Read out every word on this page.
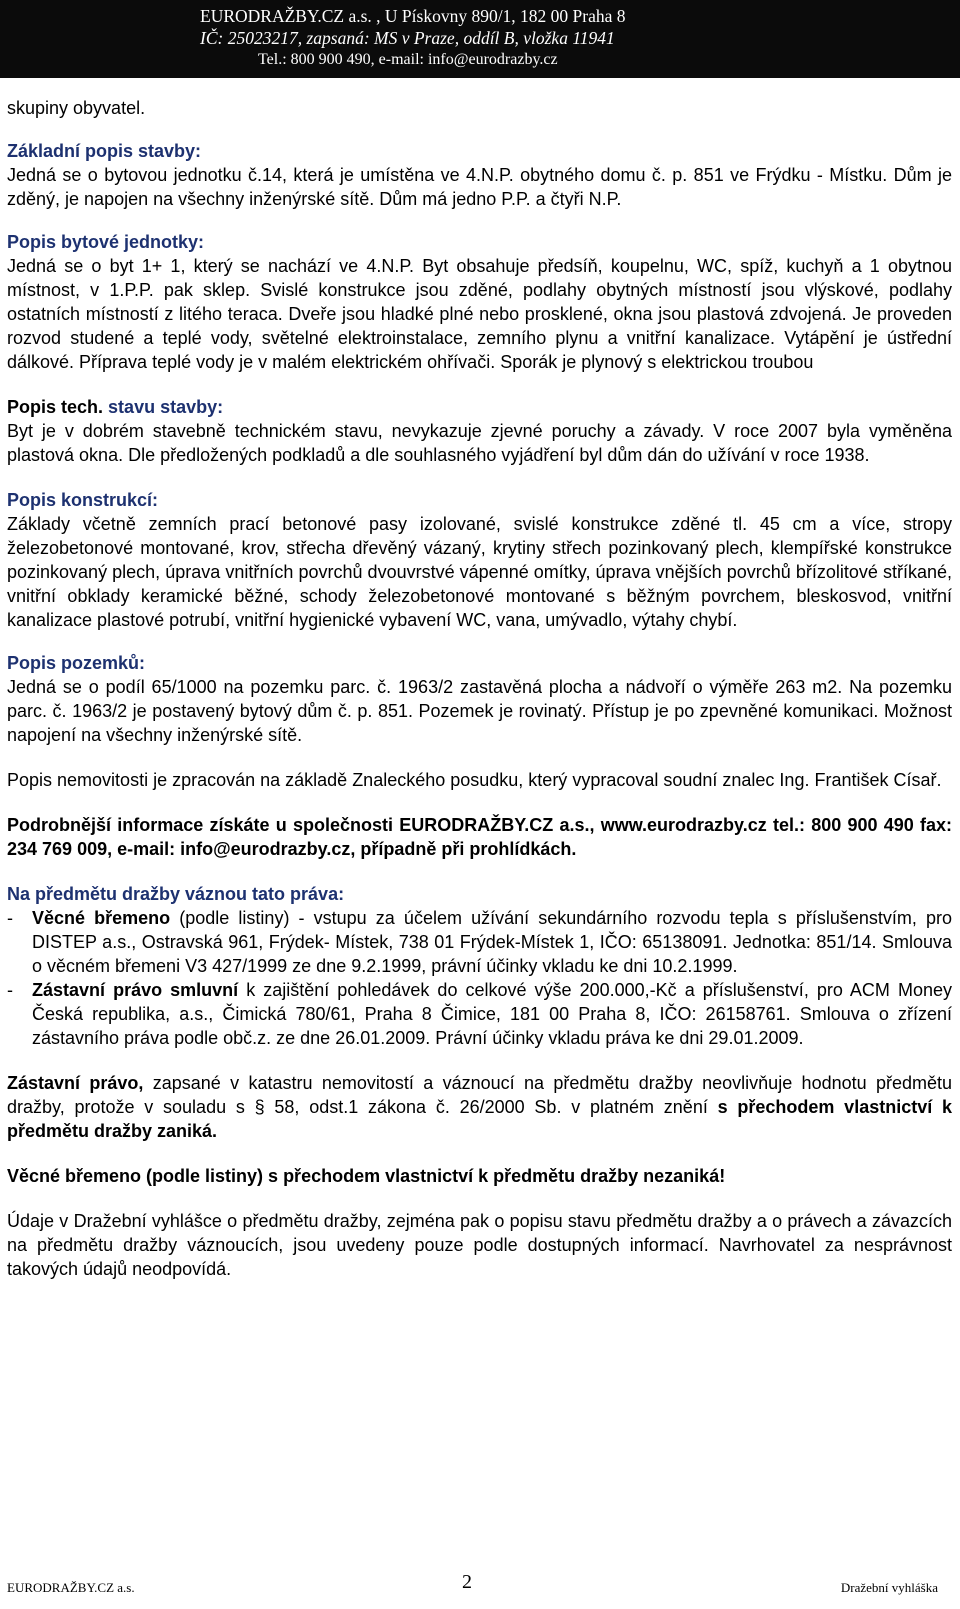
EURODRAŽBY.CZ a.s. , U Pískovny 890/1, 182 00 Praha 8
IČ: 25023217, zapsaná: MS v Praze, oddíl B, vložka 11941
Tel.: 800 900 490, e-mail: info@eurodrazby.cz

skupiny obyvatel.

Základní popis stavby:

Jedná se o bytovou jednotku č.14, která je umístěna ve 4.N.P. obytného domu č. p. 851 ve Frýdku - Místku. Dům je zděný, je napojen na všechny inženýrské sítě. Dům má jedno P.P. a čtyři N.P.

Popis bytové jednotky:

Jedná se o byt 1+ 1, který se nachází ve 4.N.P. Byt obsahuje předsíň, koupelnu, WC, spíž, kuchyň a 1 obytnou místnost, v 1.P.P. pak sklep. Svislé konstrukce jsou zděné, podlahy obytných místností jsou vlýskové, podlahy ostatních místností z litého teraca. Dveře jsou hladké plné nebo prosklené, okna jsou plastová zdvojená. Je proveden rozvod studené a teplé vody, světelné elektroinstalace, zemního plynu a vnitřní kanalizace. Vytápění je ústřední dálkové. Příprava teplé vody je v malém elektrickém ohřívači. Sporák je plynový s elektrickou troubou

Popis tech. stavu stavby:

Byt je v dobrém stavebně technickém stavu, nevykazuje zjevné poruchy a závady. V roce 2007 byla vyměněna plastová okna. Dle předložených podkladů a dle souhlasného vyjádření byl dům dán do užívání v roce 1938.

Popis konstrukcí:

Základy včetně zemních prací betonové pasy izolované, svislé konstrukce zděné tl. 45 cm a více, stropy železobetonové montované, krov, střecha dřevěný vázaný, krytiny střech pozinkovaný plech, klempířské konstrukce pozinkovaný plech, úprava vnitřních povrchů dvouvrstvé vápenné omítky, úprava vnějších povrchů břízolitové stříkané, vnitřní obklady keramické běžné, schody železobetonové montované s běžným povrchem, bleskosvod, vnitřní kanalizace plastové potrubí, vnitřní hygienické vybavení WC, vana, umývadlo, výtahy chybí.

Popis pozemků:

Jedná se o podíl 65/1000 na pozemku parc. č. 1963/2 zastavěná plocha a nádvoří o výměře 263 m2. Na pozemku parc. č. 1963/2 je postavený bytový dům č. p. 851. Pozemek je rovinatý. Přístup je po zpevněné komunikaci. Možnost napojení na všechny inženýrské sítě.

Popis nemovitosti je zpracován na základě Znaleckého posudku, který vypracoval soudní znalec Ing. František Císař.

Podrobnější informace získáte u společnosti EURODRAŽBY.CZ a.s., www.eurodrazby.cz tel.: 800 900 490 fax: 234 769 009, e-mail: info@eurodrazby.cz, případně při prohlídkách.

Na předmětu dražby váznou tato práva:

- Věcné břemeno (podle listiny) - vstupu za účelem užívání sekundárního rozvodu tepla s příslušenstvím, pro DISTEP a.s., Ostravská 961, Frýdek- Místek, 738 01 Frýdek-Místek 1, IČO: 65138091. Jednotka: 851/14. Smlouva o věcném břemeni V3 427/1999 ze dne 9.2.1999, právní účinky vkladu ke dni 10.2.1999.
- Zástavní právo smluvní k zajištění pohledávek do celkové výše 200.000,-Kč a příslušenství, pro ACM Money Česká republika, a.s., Čimická 780/61, Praha 8 Čimice, 181 00 Praha 8, IČO: 26158761. Smlouva o zřízení zástavního práva podle obč.z. ze dne 26.01.2009. Právní účinky vkladu práva ke dni 29.01.2009.

Zástavní právo, zapsané v katastru nemovitostí a váznoucí na předmětu dražby neovlivňuje hodnotu předmětu dražby, protože v souladu s § 58, odst.1 zákona č. 26/2000 Sb. v platném znění s přechodem vlastnictví k předmětu dražby zaniká.

Věcné břemeno (podle listiny) s přechodem vlastnictví k předmětu dražby nezaniká!

Údaje v Dražební vyhlášce o předmětu dražby, zejména pak o popisu stavu předmětu dražby a o právech a závazcích na předmětu dražby váznoucích, jsou uvedeny pouze podle dostupných informací. Navrhovatel za nesprávnost takových údajů neodpovídá.

EURODRAŽBY.CZ a.s.	2	Dražební vyhláška
